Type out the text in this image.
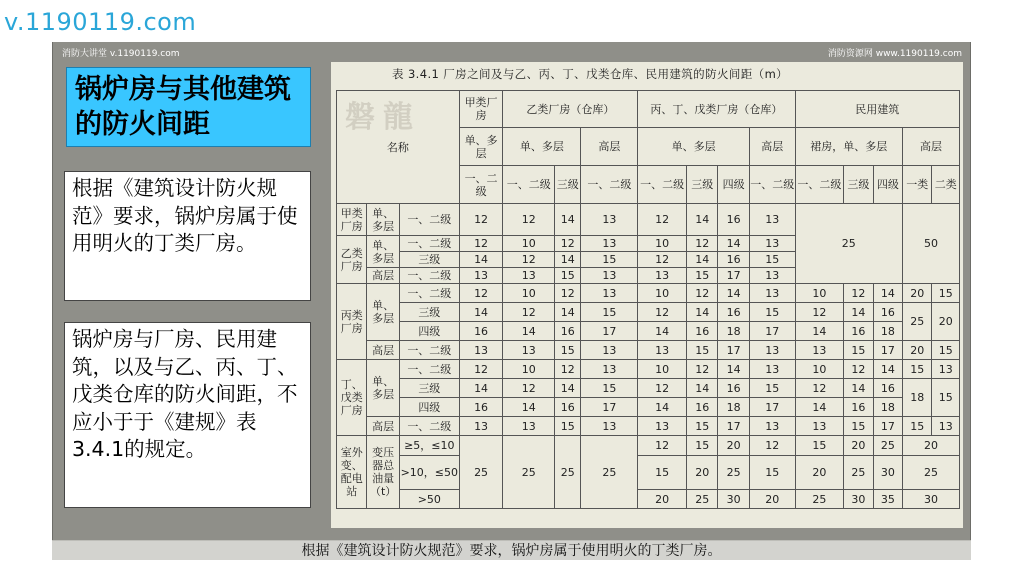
v.1190119.com
消防大讲堂 v.1190119.com	消防资源网 www.1190119.com
锅炉房与其他建筑的防火间距
根据《建筑设计防火规范》要求，锅炉房属于使用明火的丁类厂房。
锅炉房与厂房、民用建筑，以及与乙、丙、丁、戊类仓库的防火间距，不应小于于《建规》表3.4.1的规定。
磐龍
表 3.4.1 厂房之间及与乙、丙、丁、戊类仓库、民用建筑的防火间距（m）
名称			甲类厂房	乙类厂房（仓库）			丙、丁、戊类厂房（仓库）				民用建筑				
			单、多层	单、多层		高层	单、多层			高层	裙房，单、多层			高层	
			一、二级	一、二级	三级	一、二级	一、二级	三级	四级	一、二级	一、二级	三级	四级	一类	二类
甲类厂房	单、多层	一、二级	12	12	14	13	12	14	16	13	25			50	
乙类厂房	单、多层	一、二级	12	10	12	13	10	12	14	13					
		三级	14	12	14	15	12	14	16	15					
	高层	一、二级	13	13	15	13	13	15	17	13					
丙类厂房	单、多层	一、二级	12	10	12	13	10	12	14	13	10	12	14	20	15
		三级	14	12	14	15	12	14	16	15	12	14	16	25	20
		四级	16	14	16	17	14	16	18	17	14	16	18		
	高层	一、二级	13	13	15	13	13	15	17	13	13	15	17	20	15
丁、戊类厂房	单、多层	一、二级	12	10	12	13	10	12	14	13	10	12	14	15	13
		三级	14	12	14	15	12	14	16	15	12	14	16	18	15
		四级	16	14	16	17	14	16	18	17	14	16	18		
	高层	一、二级	13	13	15	13	13	15	17	13	13	15	17	15	13
室外变、配电站	变压器总油量（t）	≥5，≤10	25	25	25	25	12	15	20	12	15	20	25	20	
		>10，≤50					15	20	25	15	20	25	30	25	
		>50					20	25	30	20	25	30	35	30	
根据《建筑设计防火规范》要求，锅炉房属于使用明火的丁类厂房。
